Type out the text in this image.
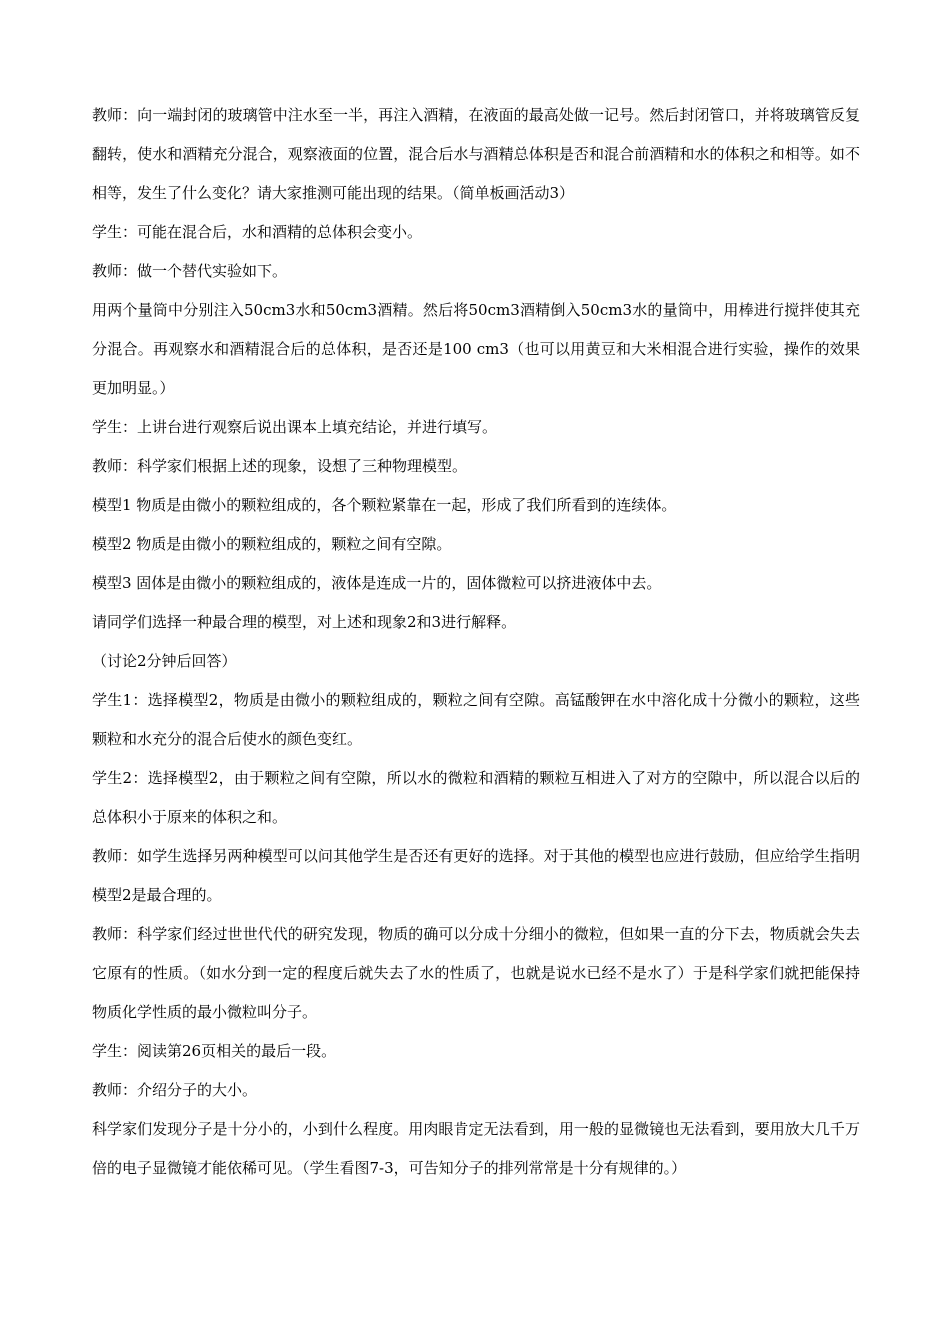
教师：向一端封闭的玻璃管中注水至一半，再注入酒精，在液面的最高处做一记号。然后封闭管口，并将玻璃管反复翻转，使水和酒精充分混合，观察液面的位置，混合后水与酒精总体积是否和混合前酒精和水的体积之和相等。如不相等，发生了什么变化？请大家推测可能出现的结果。（简单板画活动3）

学生：可能在混合后，水和酒精的总体积会变小。

教师：做一个替代实验如下。

用两个量筒中分别注入50cm3水和50cm3酒精。然后将50cm3酒精倒入50cm3水的量筒中，用棒进行搅拌使其充分混合。再观察水和酒精混合后的总体积，是否还是100 cm3（也可以用黄豆和大米相混合进行实验，操作的效果更加明显。）

学生：上讲台进行观察后说出课本上填充结论，并进行填写。

教师：科学家们根据上述的现象，设想了三种物理模型。

模型1 物质是由微小的颗粒组成的，各个颗粒紧靠在一起，形成了我们所看到的连续体。

模型2 物质是由微小的颗粒组成的，颗粒之间有空隙。

模型3 固体是由微小的颗粒组成的，液体是连成一片的，固体微粒可以挤进液体中去。

请同学们选择一种最合理的模型，对上述和现象2和3进行解释。

（讨论2分钟后回答）

学生1：选择模型2，物质是由微小的颗粒组成的，颗粒之间有空隙。高锰酸钾在水中溶化成十分微小的颗粒，这些颗粒和水充分的混合后使水的颜色变红。

学生2：选择模型2，由于颗粒之间有空隙，所以水的微粒和酒精的颗粒互相进入了对方的空隙中，所以混合以后的总体积小于原来的体积之和。

教师：如学生选择另两种模型可以问其他学生是否还有更好的选择。对于其他的模型也应进行鼓励，但应给学生指明模型2是最合理的。

教师：科学家们经过世世代代的研究发现，物质的确可以分成十分细小的微粒，但如果一直的分下去，物质就会失去它原有的性质。（如水分到一定的程度后就失去了水的性质了，也就是说水已经不是水了）于是科学家们就把能保持物质化学性质的最小微粒叫分子。

学生：阅读第26页相关的最后一段。

教师：介绍分子的大小。

科学家们发现分子是十分小的，小到什么程度。用肉眼肯定无法看到，用一般的显微镜也无法看到，要用放大几千万倍的电子显微镜才能依稀可见。（学生看图7-3，可告知分子的排列常常是十分有规律的。）
